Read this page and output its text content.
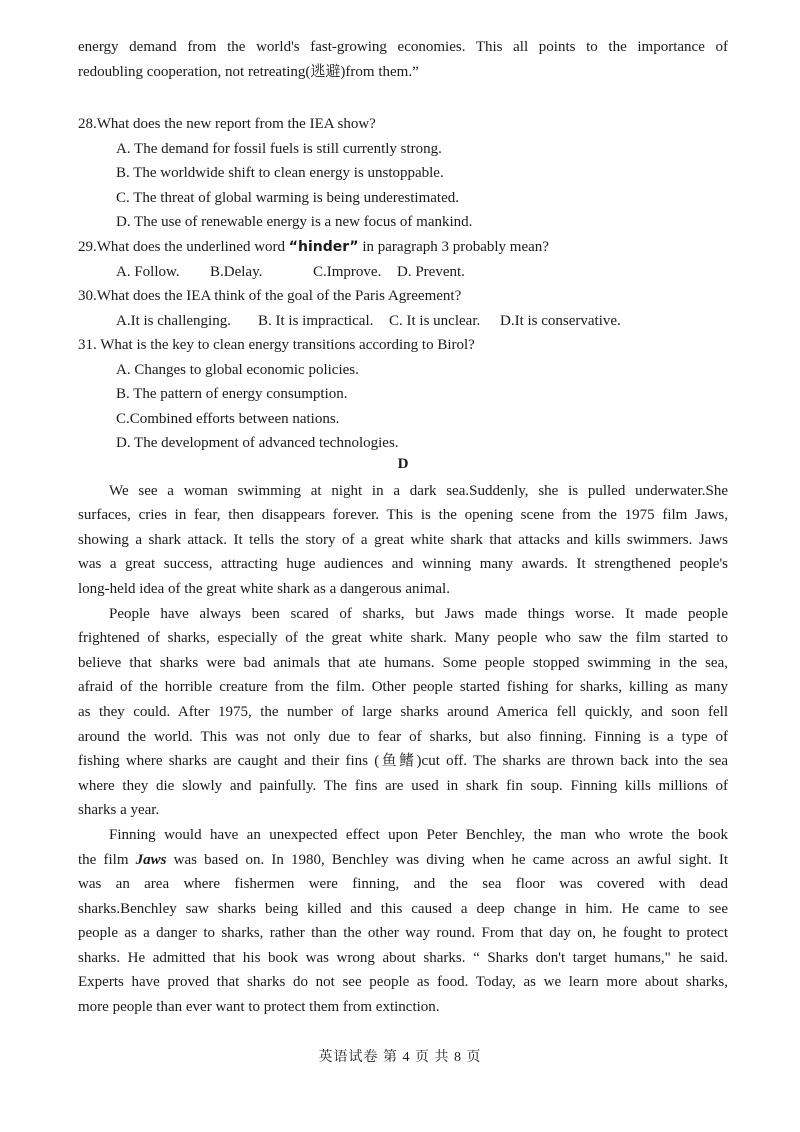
energy demand from the world's fast-growing economies. This all points to the importance of
redoubling cooperation, not retreating(逃避)from them.”
28.What does the new report from the IEA show?
A. The demand for fossil fuels is still currently strong.
B. The worldwide shift to clean energy is unstoppable.
C. The threat of global warming is being underestimated.
D. The use of renewable energy is a new focus of mankind.
29.What does the underlined word “hinder” in paragraph 3 probably mean?
A. Follow. B.Delay.	C.Improve. D. Prevent.
30.What does the IEA think of the goal of the Paris Agreement?
A.It is challenging. B. It is impractical. C. It is unclear. D.It is conservative.
31. What is the key to clean energy transitions according to Birol?
A. Changes to global economic policies.
B. The pattern of energy consumption.
C.Combined efforts between nations.
D. The development of advanced technologies.
D
We see a woman swimming at night in a dark sea.Suddenly, she is pulled underwater.She
surfaces, cries in fear, then disappears forever. This is the opening scene from the 1975 film Jaws,
showing a shark attack. It tells the story of a great white shark that attacks and kills swimmers. Jaws
was a great success, attracting huge audiences and winning many awards. It strengthened people's
long-held idea of the great white shark as a dangerous animal.
People have always been scared of sharks, but Jaws made things worse. It made people
frightened of sharks, especially of the great white shark. Many people who saw the film started to
believe that sharks were bad animals that ate humans. Some people stopped swimming in the sea,
afraid of the horrible creature from the film. Other people started fishing for sharks, killing as many
as they could. After 1975, the number of large sharks around America fell quickly, and soon fell
around the world. This was not only due to fear of sharks, but also finning. Finning is a type of
fishing where sharks are caught and their fins (鱼鳍)cut off. The sharks are thrown back into the sea
where they die slowly and painfully. The fins are used in shark fin soup. Finning kills millions of
sharks a year.
Finning would have an unexpected effect upon Peter Benchley, the man who wrote the book
the film Jaws was based on. In 1980, Benchley was diving when he came across an awful sight. It
was an area where fishermen were finning, and the sea floor was covered with dead
sharks.Benchley saw sharks being killed and this caused a deep change in him. He came to see
people as a danger to sharks, rather than the other way round. From that day on, he fought to protect
sharks. He admitted that his book was wrong about sharks. “ Sharks don't target humans," he said.
Experts have proved that sharks do not see people as food. Today, as we learn more about sharks,
more people than ever want to protect them from extinction.
英语试卷 第 4 页 共 8 页
